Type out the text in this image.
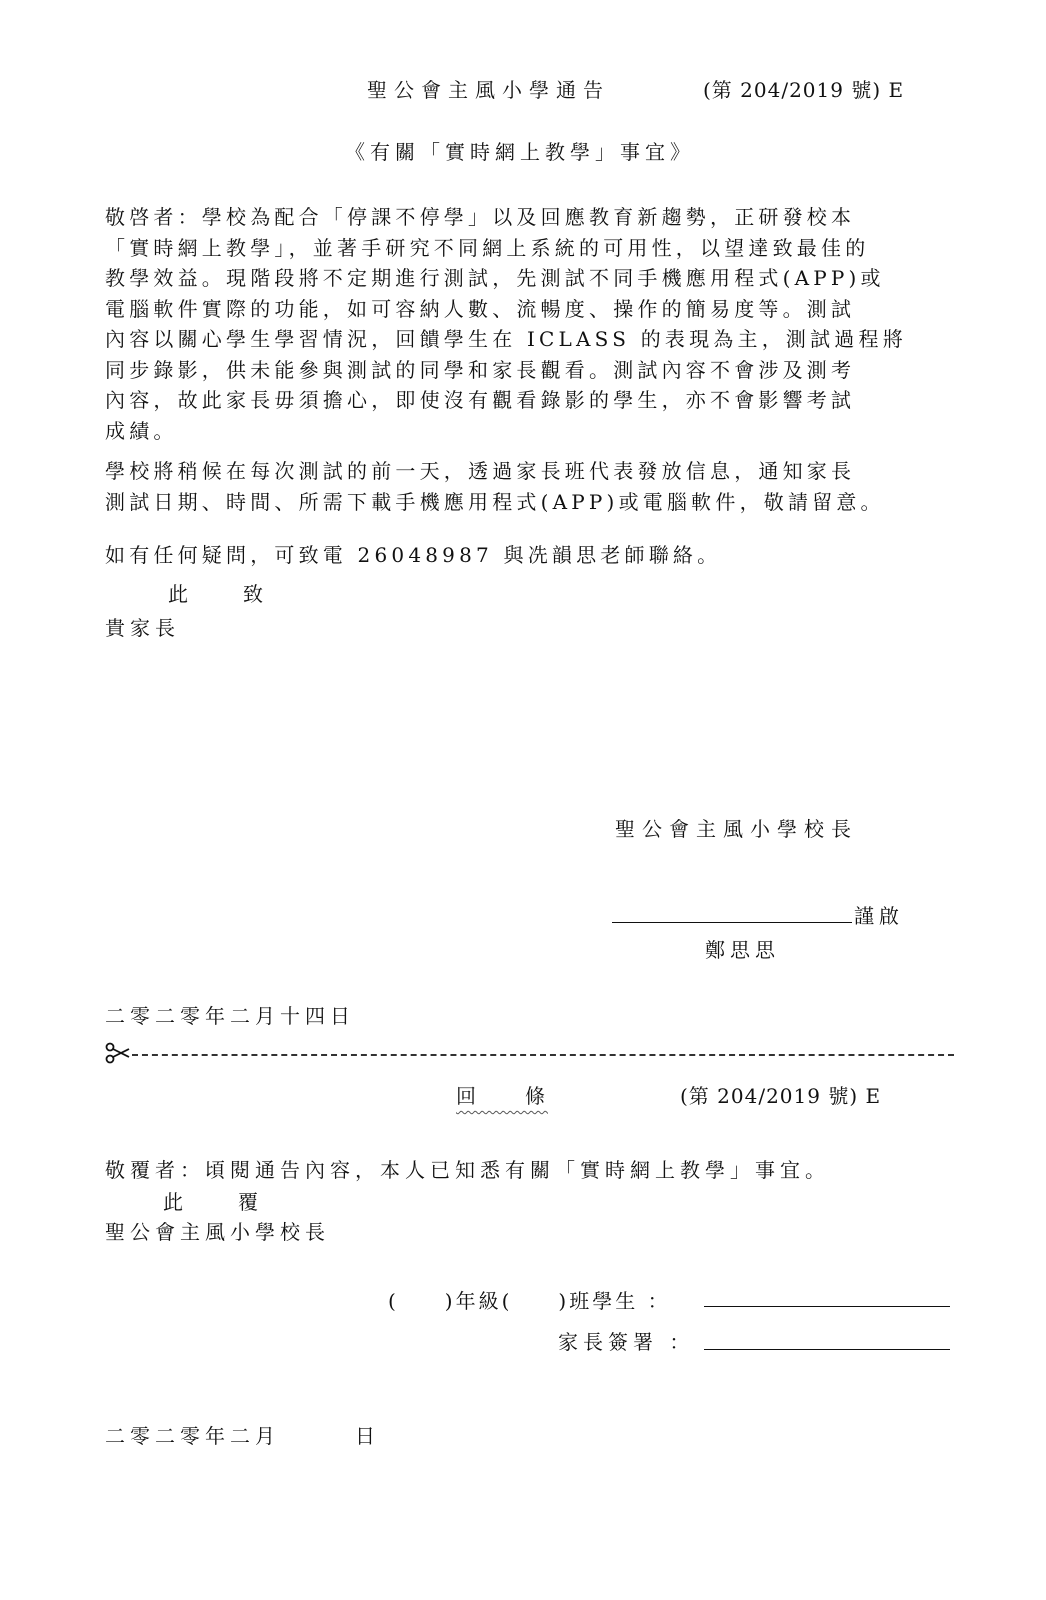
聖公會主風小學通告	(第 204/2019 號) E
《有關「實時網上教學」事宜》
敬啓者：學校為配合「停課不停學」以及回應教育新趨勢，正研發校本
「實時網上教學」，並著手研究不同網上系統的可用性，以望達致最佳的
教學效益。現階段將不定期進行測試，先測試不同手機應用程式(APP)或
電腦軟件實際的功能，如可容納人數、流暢度、操作的簡易度等。測試
內容以關心學生學習情況，回饋學生在 ICLASS 的表現為主，測試過程將
同步錄影，供未能參與測試的同學和家長觀看。測試內容不會涉及測考
內容，故此家長毋須擔心，即使沒有觀看錄影的學生，亦不會影響考試
成績。
學校將稍候在每次測試的前一天，透過家長班代表發放信息，通知家長
測試日期、時間、所需下載手機應用程式(APP)或電腦軟件，敬請留意。
如有任何疑問，可致電 26048987 與冼韻思老師聯絡。
此　　致
貴家長
聖公會主風小學校長
謹啟
鄭思思
二零二零年二月十四日
回　　條	(第 204/2019 號) E
敬覆者：頃閱通告內容，本人已知悉有關「實時網上教學」事宜。
此　　覆
聖公會主風小學校長
(　　)年級(　　)班學生 ：
家長簽署 ：
二零二零年二月　　　日
